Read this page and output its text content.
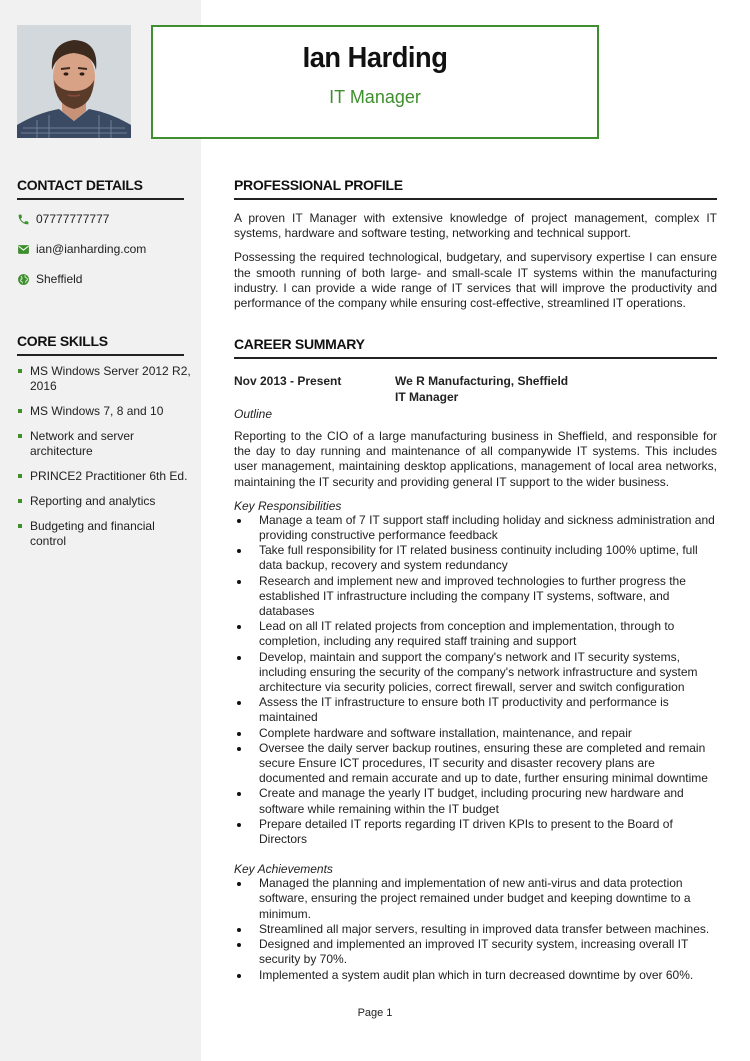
Ian Harding
IT Manager
CONTACT DETAILS
07777777777
ian@ianharding.com
Sheffield
CORE SKILLS
MS Windows Server 2012 R2, 2016
MS Windows 7, 8 and 10
Network and server architecture
PRINCE2 Practitioner 6th Ed.
Reporting and analytics
Budgeting and financial control
PROFESSIONAL PROFILE

A proven IT Manager with extensive knowledge of project management, complex IT systems, hardware and software testing, networking and technical support.

Possessing the required technological, budgetary, and supervisory expertise I can ensure the smooth running of both large- and small-scale IT systems within the manufacturing industry. I can provide a wide range of IT services that will improve the productivity and performance of the company while ensuring cost-effective, streamlined IT operations.

CAREER SUMMARY
Nov 2013 - Present	We R Manufacturing, Sheffield
IT Manager
Outline

Reporting to the CIO of a large manufacturing business in Sheffield, and responsible for the day to day running and maintenance of all companywide IT systems. This includes user management, maintaining desktop applications, management of local area networks, maintaining the IT security and providing general IT support to the wider business.

Key Responsibilities
Manage a team of 7 IT support staff including holiday and sickness administration and providing constructive performance feedback
Take full responsibility for IT related business continuity including 100% uptime, full data backup, recovery and system redundancy
Research and implement new and improved technologies to further progress the established IT infrastructure including the company IT systems, software, and databases
Lead on all IT related projects from conception and implementation, through to completion, including any required staff training and support
Develop, maintain and support the company's network and IT security systems, including ensuring the security of the company's network infrastructure and system architecture via security policies, correct firewall, server and switch configuration
Assess the IT infrastructure to ensure both IT productivity and performance is maintained
Complete hardware and software installation, maintenance, and repair
Oversee the daily server backup routines, ensuring these are completed and remain secure Ensure ICT procedures, IT security and disaster recovery plans are documented and remain accurate and up to date, further ensuring minimal downtime
Create and manage the yearly IT budget, including procuring new hardware and software while remaining within the IT budget
Prepare detailed IT reports regarding IT driven KPIs to present to the Board of Directors
Key Achievements
Managed the planning and implementation of new anti-virus and data protection software, ensuring the project remained under budget and keeping downtime to a minimum.
Streamlined all major servers, resulting in improved data transfer between machines.
Designed and implemented an improved IT security system, increasing overall IT security by 70%.
Implemented a system audit plan which in turn decreased downtime by over 60%.
Page 1
